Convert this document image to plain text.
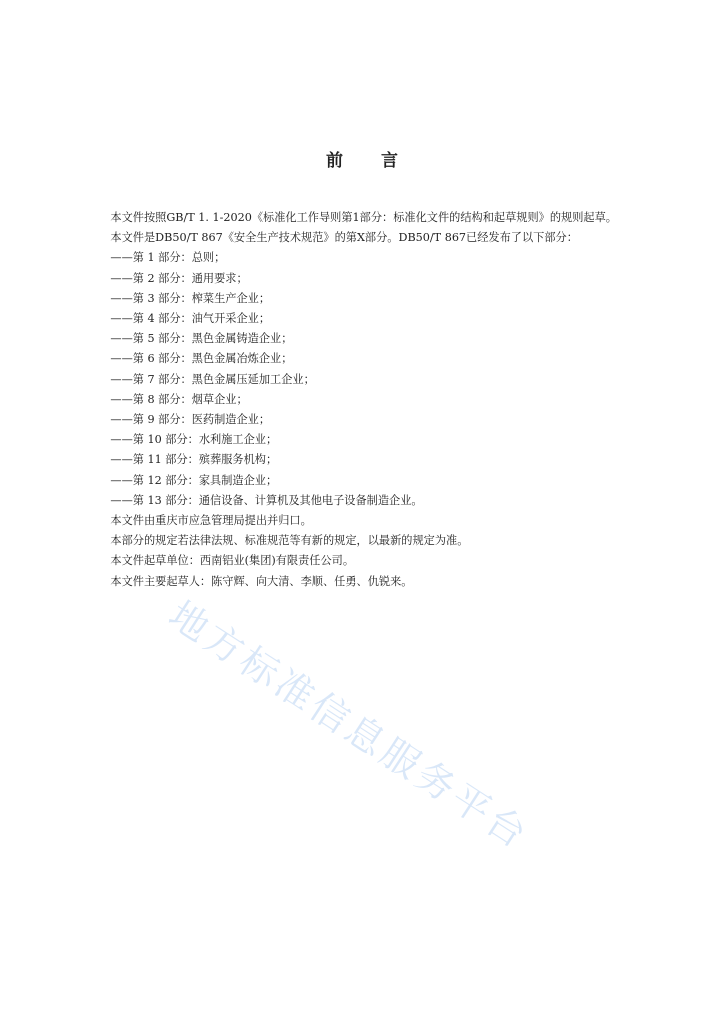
前 言

本文件按照GB/T 1. 1-2020《标准化工作导则第1部分：标准化文件的结构和起草规则》的规则起草。

本文件是DB50/T 867《安全生产技术规范》的第X部分。DB50/T 867已经发布了以下部分：

——第 1 部分：总则；

——第 2 部分：通用要求；

——第 3 部分：榨菜生产企业；

——第 4 部分：油气开采企业；

——第 5 部分：黑色金属铸造企业；

——第 6 部分：黑色金属冶炼企业；

——第 7 部分：黑色金属压延加工企业；

——第 8 部分：烟草企业；

——第 9 部分：医药制造企业；

——第 10 部分：水利施工企业；

——第 11 部分：殡葬服务机构；

——第 12 部分：家具制造企业；

——第 13 部分：通信设备、计算机及其他电子设备制造企业。

本文件由重庆市应急管理局提出并归口。

本部分的规定若法律法规、标准规范等有新的规定，以最新的规定为准。

本文件起草单位：西南铝业(集团)有限责任公司。

本文件主要起草人：陈守辉、向大清、李顺、任勇、仇锐来。

地方标准信息服务平台
